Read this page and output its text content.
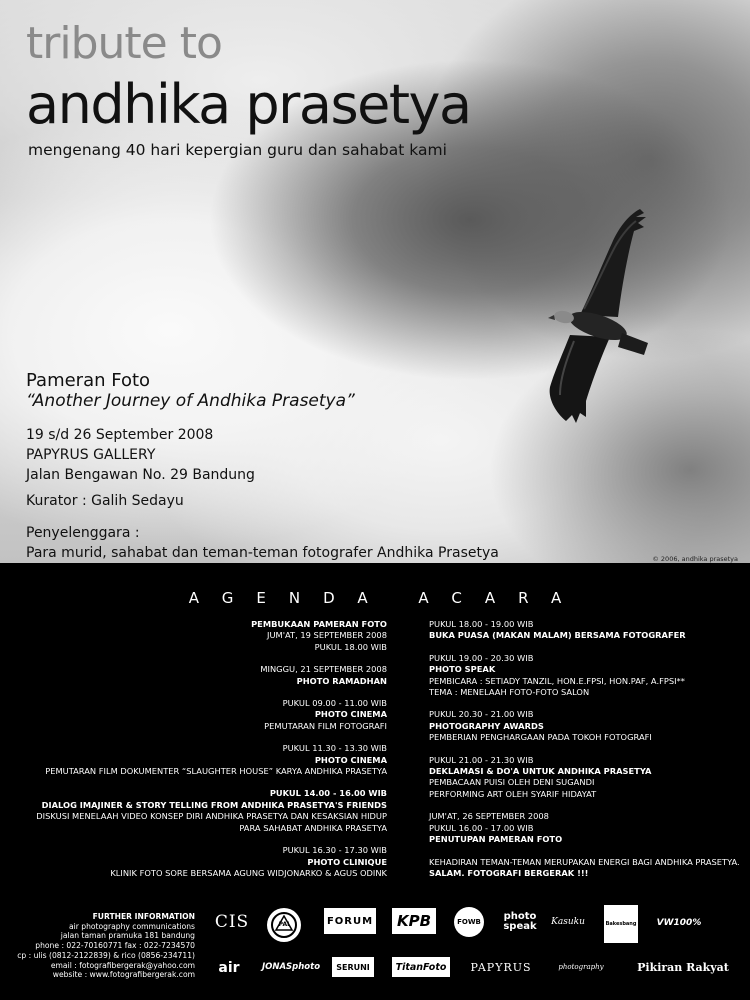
tribute to
andhika prasetya
mengenang 40 hari kepergian guru dan sahabat kami
Pameran Foto
“Another Journey of Andhika Prasetya”
19 s/d 26 September 2008
PAPYRUS GALLERY
Jalan Bengawan No. 29 Bandung
Kurator : Galih Sedayu
Penyelenggara :
Para murid, sahabat dan teman-teman fotografer Andhika Prasetya	© 2006, andhika prasetya
AGENDA ACARA
PEMBUKAAN PAMERAN FOTO
JUM'AT, 19 SEPTEMBER 2008
PUKUL 18.00 WIB
MINGGU, 21 SEPTEMBER 2008
PHOTO RAMADHAN
PUKUL 09.00 - 11.00 WIB
PHOTO CINEMA
PEMUTARAN FILM FOTOGRAFI
PUKUL 11.30 - 13.30 WIB
PHOTO CINEMA
PEMUTARAN FILM DOKUMENTER “SLAUGHTER HOUSE” KARYA ANDHIKA PRASETYA
PUKUL 14.00 - 16.00 WIB
DIALOG IMAJINER & STORY TELLING FROM ANDHIKA PRASETYA'S FRIENDS
DISKUSI MENELAAH VIDEO KONSEP DIRI ANDHIKA PRASETYA DAN KESAKSIAN HIDUP
PARA SAHABAT ANDHIKA PRASETYA
PUKUL 16.30 - 17.30 WIB
PHOTO CLINIQUE
KLINIK FOTO SORE BERSAMA AGUNG WIDJONARKO & AGUS ODINK
PUKUL 18.00 - 19.00 WIB
BUKA PUASA (MAKAN MALAM) BERSAMA FOTOGRAFER
PUKUL 19.00 - 20.30 WIB
PHOTO SPEAK
PEMBICARA : SETIADY TANZIL, HON.E.FPSI, HON.PAF, A.FPSI**
TEMA : MENELAAH FOTO-FOTO SALON
PUKUL 20.30 - 21.00 WIB
PHOTOGRAPHY AWARDS
PEMBERIAN PENGHARGAAN PADA TOKOH FOTOGRAFI
PUKUL 21.00 - 21.30 WIB
DEKLAMASI & DO'A UNTUK ANDHIKA PRASETYA
PEMBACAAN PUISI OLEH DENI SUGANDI
PERFORMING ART OLEH SYARIF HIDAYAT
JUM'AT, 26 SEPTEMBER 2008
PUKUL 16.00 - 17.00 WIB
PENUTUPAN PAMERAN FOTO
KEHADIRAN TEMAN-TEMAN MERUPAKAN ENERGI BAGI ANDHIKA PRASETYA.
SALAM. FOTOGRAFI BERGERAK !!!
FURTHER INFORMATION
air photography communications
jalan taman pramuka 181 bandung
phone : 022-70160771 fax : 022-7234570
cp : ulis (0812-2122839) & rico (0856-234711)
email : fotografibergerak@yahoo.com
website : www.fotografibergerak.com
CIS	PAI	FORUM KPB	FOWB photo speak Kasuku	Bakesbang VW100%
air	JONASphoto SERUNI	TitanFoto PAPYRUS	photography	Pikiran Rakyat
